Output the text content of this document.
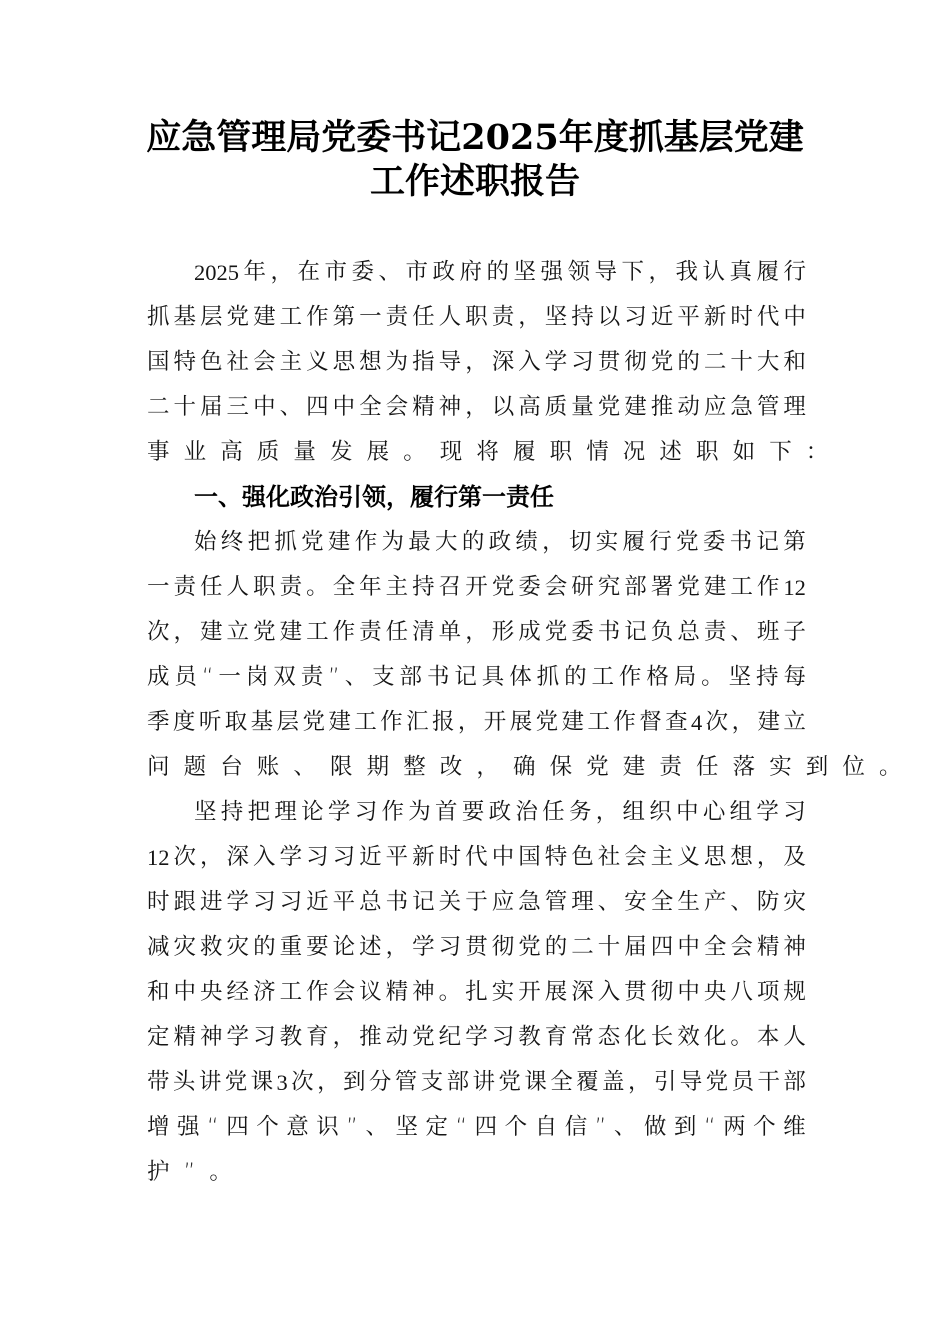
应急管理局党委书记2025年度抓基层党建
工作述职报告
2025 年 ， 在 市 委 、 市 政 府 的 坚 强 领 导 下 ， 我 认 真 履 行
抓 基 层 党 建 工 作 第 一 责 任 人 职 责 ， 坚 持 以 习 近 平 新 时 代 中
国 特 色 社 会 主 义 思 想 为 指 导 ， 深 入 学 习 贯 彻 党 的 二 十 大 和
二 十 届 三 中 、 四 中 全 会 精 神 ， 以 高 质 量 党 建 推 动 应 急 管 理
事业高质量发展。现将履职情况述职如下：
一、强化政治引领，履行第一责任
始 终 把 抓 党 建 作 为 最 大 的 政 绩 ， 切 实 履 行 党 委 书 记 第
一 责 任 人 职 责 。 全 年 主 持 召 开 党 委 会 研 究 部 署 党 建 工 作 12
次 ， 建 立 党 建 工 作 责 任 清 单 ， 形 成 党 委 书 记 负 总 责 、 班 子
成 员 “ 一 岗 双 责 ” 、 支 部 书 记 具 体 抓 的 工 作 格 局 。 坚 持 每
季 度 听 取 基 层 党 建 工 作 汇 报 ， 开 展 党 建 工 作 督 查 4 次 ， 建 立
问题台账、限期整改，确保党建责任落实到位。
坚 持 把 理 论 学 习 作 为 首 要 政 治 任 务 ， 组 织 中 心 组 学 习
12 次 ， 深 入 学 习 习 近 平 新 时 代 中 国 特 色 社 会 主 义 思 想 ， 及
时 跟 进 学 习 习 近 平 总 书 记 关 于 应 急 管 理 、 安 全 生 产 、 防 灾
减 灾 救 灾 的 重 要 论 述 ， 学 习 贯 彻 党 的 二 十 届 四 中 全 会 精 神
和 中 央 经 济 工 作 会 议 精 神 。 扎 实 开 展 深 入 贯 彻 中 央 八 项 规
定 精 神 学 习 教 育 ， 推 动 党 纪 学 习 教 育 常 态 化 长 效 化 。 本 人
带 头 讲 党 课 3 次 ， 到 分 管 支 部 讲 党 课 全 覆 盖 ， 引 导 党 员 干 部
增 强 “ 四 个 意 识 ” 、 坚 定 “ 四 个 自 信 ” 、 做 到 “ 两 个 维
护”。
